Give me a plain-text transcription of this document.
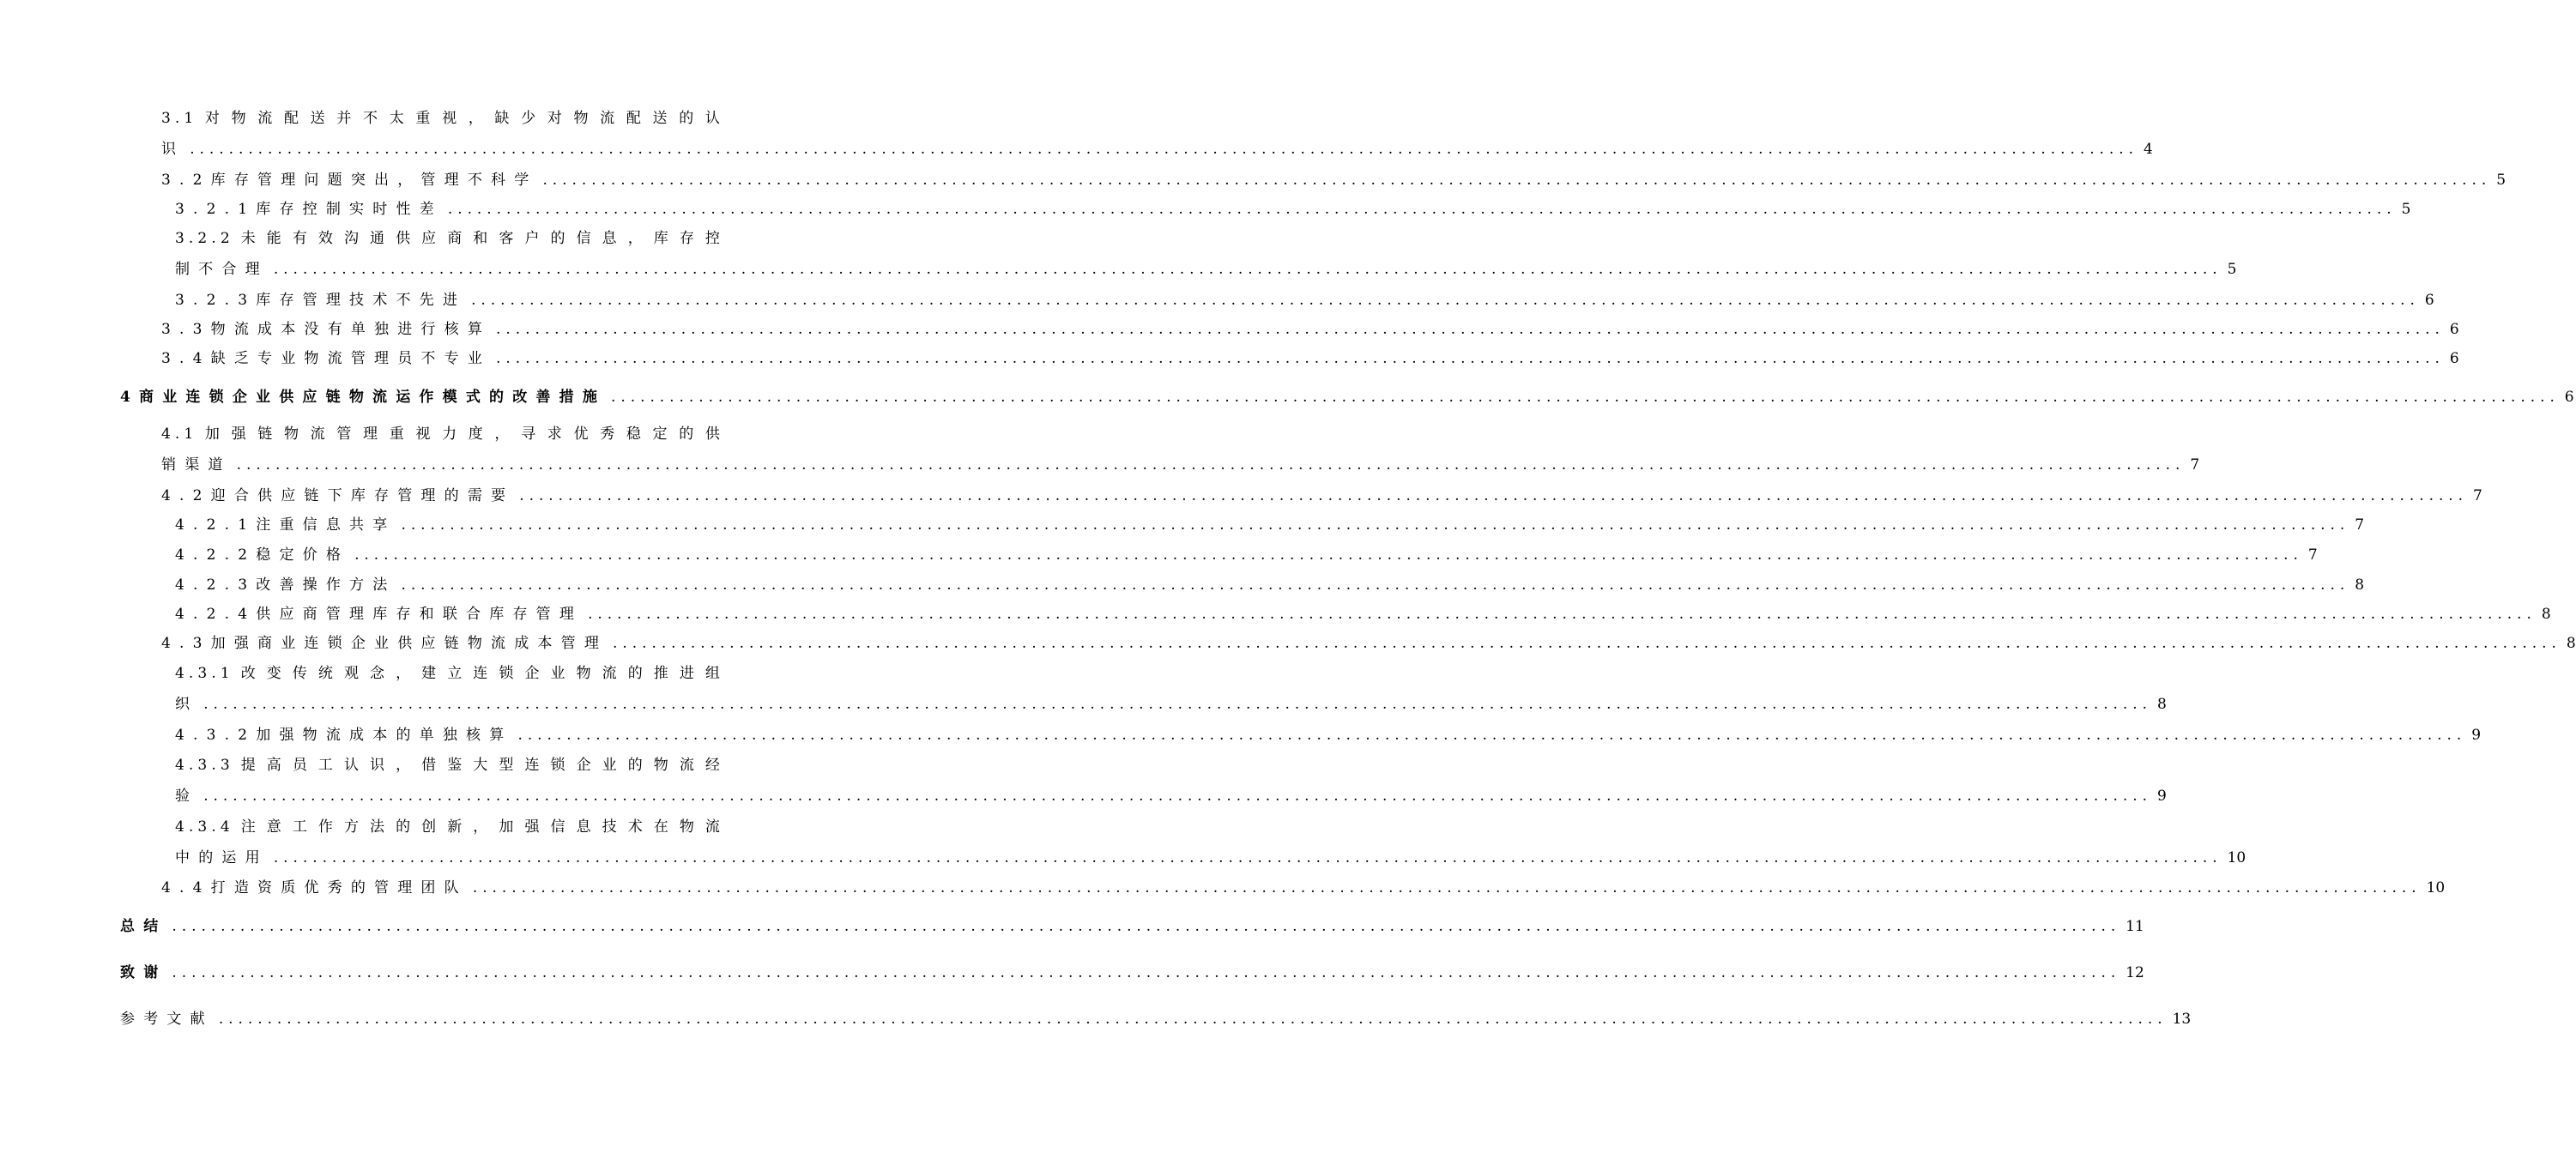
3.1对物流配送并不太重视，缺少对物流配送的认
识 ........................................................................................................................................................................................................ 4
3.2库存管理问题突出，管理不科学 ........................................................................................................................................................................................................ 5
3.2.1库存控制实时性差 ........................................................................................................................................................................................................ 5
3.2.2未能有效沟通供应商和客户的信息，库存控
制不合理 ........................................................................................................................................................................................................ 5
3.2.3库存管理技术不先进 ........................................................................................................................................................................................................ 6
3.3物流成本没有单独进行核算 ........................................................................................................................................................................................................ 6
3.4缺乏专业物流管理员不专业 ........................................................................................................................................................................................................ 6
4商业连锁企业供应链物流运作模式的改善措施 ........................................................................................................................................................................................................ 6
4.1加强链物流管理重视力度，寻求优秀稳定的供
销渠道 ........................................................................................................................................................................................................ 7
4.2迎合供应链下库存管理的需要 ........................................................................................................................................................................................................ 7
4.2.1注重信息共享 ........................................................................................................................................................................................................ 7
4.2.2稳定价格 ........................................................................................................................................................................................................ 7
4.2.3改善操作方法 ........................................................................................................................................................................................................ 8
4.2.4供应商管理库存和联合库存管理 ........................................................................................................................................................................................................ 8
4.3加强商业连锁企业供应链物流成本管理 ........................................................................................................................................................................................................ 8
4.3.1改变传统观念，建立连锁企业物流的推进组
织 ........................................................................................................................................................................................................ 8
4.3.2加强物流成本的单独核算 ........................................................................................................................................................................................................ 9
4.3.3提高员工认识，借鉴大型连锁企业的物流经
验 ........................................................................................................................................................................................................ 9
4.3.4注意工作方法的创新，加强信息技术在物流
中的运用 ........................................................................................................................................................................................................ 10
4.4打造资质优秀的管理团队 ........................................................................................................................................................................................................ 10
总结 ........................................................................................................................................................................................................ 11
致谢 ........................................................................................................................................................................................................ 12
参考文献 ........................................................................................................................................................................................................ 13
